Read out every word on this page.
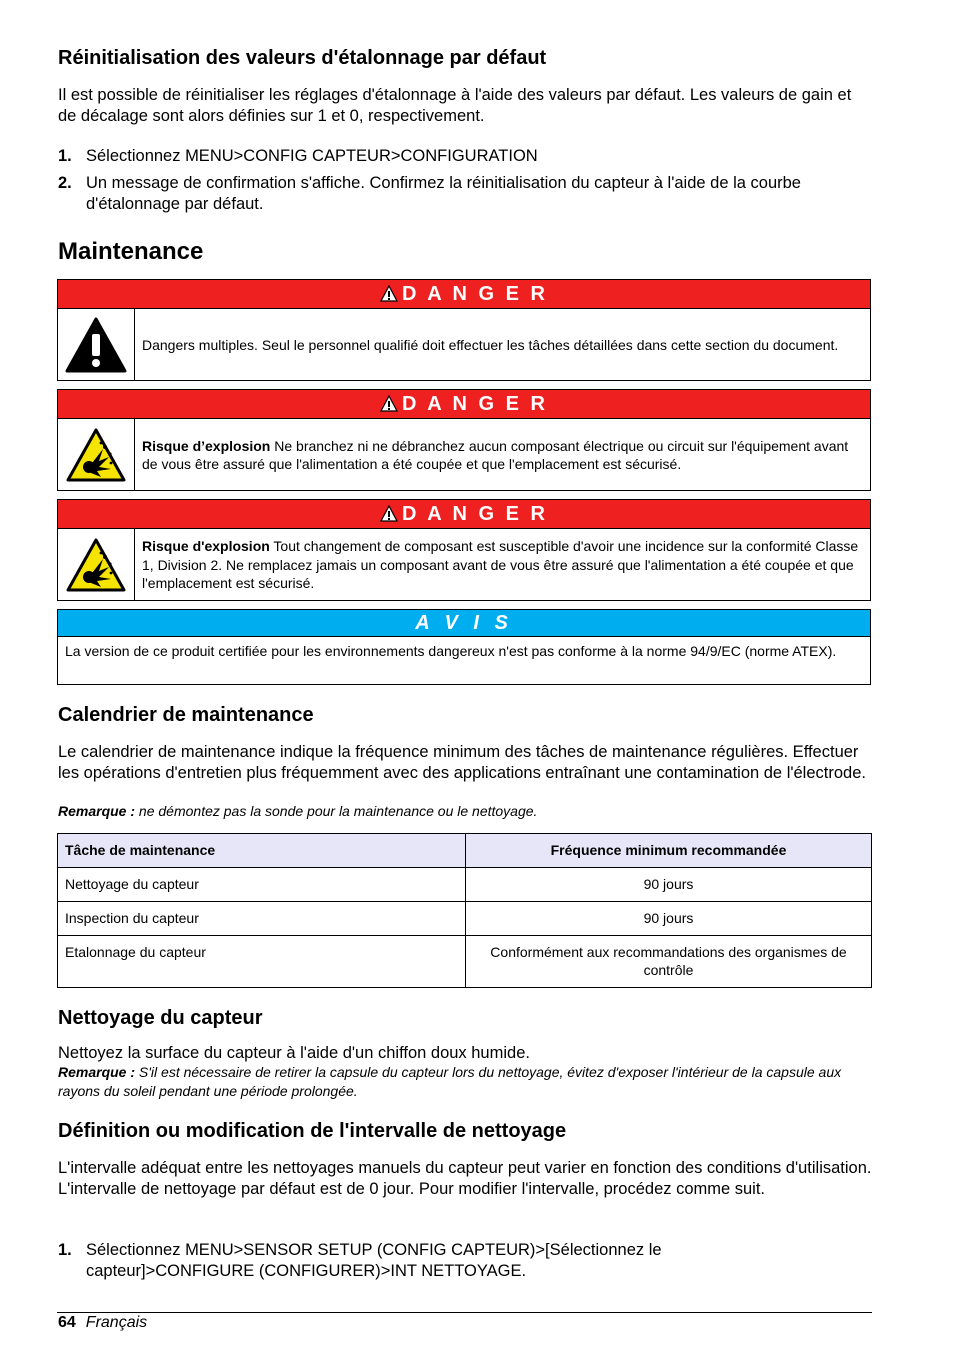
Réinitialisation des valeurs d'étalonnage par défaut

Il est possible de réinitialiser les réglages d'étalonnage à l'aide des valeurs par défaut. Les valeurs de gain et de décalage sont alors définies sur 1 et 0, respectivement.

1. Sélectionnez MENU>CONFIG CAPTEUR>CONFIGURATION
2. Un message de confirmation s'affiche. Confirmez la réinitialisation du capteur à l'aide de la courbe d'étalonnage par défaut.
Maintenance
D A N G E R
Dangers multiples. Seul le personnel qualifié doit effectuer les tâches détaillées dans cette section du document.
D A N G E R
Risque d’explosion Ne branchez ni ne débranchez aucun composant électrique ou circuit sur l'équipement avant de vous être assuré que l'alimentation a été coupée et que l'emplacement est sécurisé.
D A N G E R
Risque d'explosion Tout changement de composant est susceptible d'avoir une incidence sur la conformité Classe 1, Division 2. Ne remplacez jamais un composant avant de vous être assuré que l'alimentation a été coupée et que l'emplacement est sécurisé.
A V I S
La version de ce produit certifiée pour les environnements dangereux n'est pas conforme à la norme 94/9/EC (norme ATEX).
Calendrier de maintenance

Le calendrier de maintenance indique la fréquence minimum des tâches de maintenance régulières. Effectuer les opérations d'entretien plus fréquemment avec des applications entraînant une contamination de l'électrode.

Remarque : ne démontez pas la sonde pour la maintenance ou le nettoyage.

Tâche de maintenance	Fréquence minimum recommandée
Nettoyage du capteur	90 jours
Inspection du capteur	90 jours
Etalonnage du capteur	Conformément aux recommandations des organismes de contrôle
Nettoyage du capteur

Nettoyez la surface du capteur à l'aide d'un chiffon doux humide.

Remarque : S'il est nécessaire de retirer la capsule du capteur lors du nettoyage, évitez d'exposer l'intérieur de la capsule aux rayons du soleil pendant une période prolongée.

Définition ou modification de l'intervalle de nettoyage

L'intervalle adéquat entre les nettoyages manuels du capteur peut varier en fonction des conditions d'utilisation. L'intervalle de nettoyage par défaut est de 0 jour. Pour modifier l'intervalle, procédez comme suit.

1. Sélectionnez MENU>SENSOR SETUP (CONFIG CAPTEUR)>[Sélectionnez le capteur]>CONFIGURE (CONFIGURER)>INT NETTOYAGE.
64 Français
